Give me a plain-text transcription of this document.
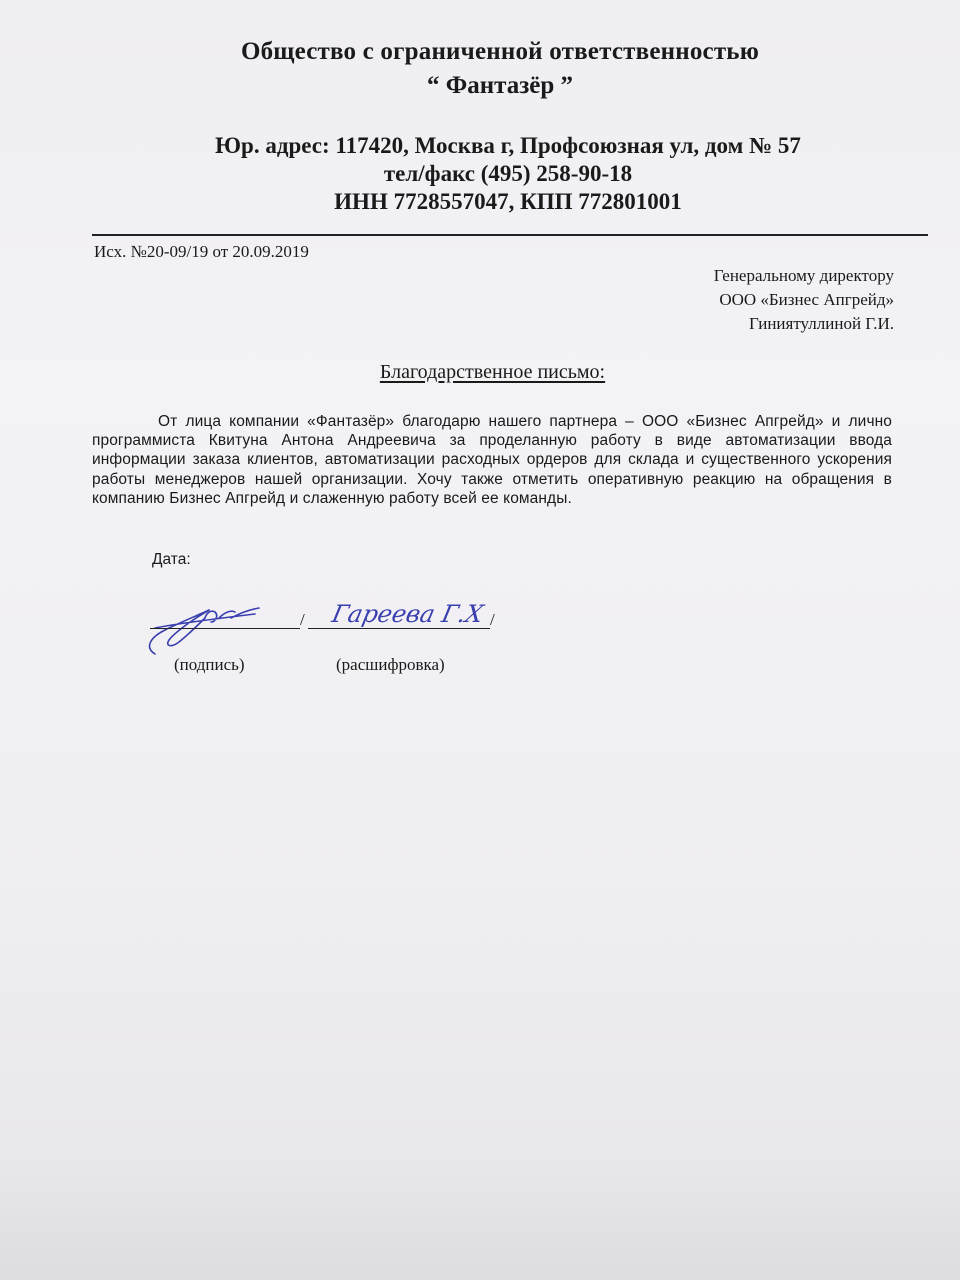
Общество с ограниченной ответственностью
“ Фантазёр ”
Юр. адрес: 117420, Москва г, Профсоюзная ул, дом № 57
тел/факс (495) 258-90-18
ИНН 7728557047, КПП 772801001
Исх. №20-09/19 от 20.09.2019
Генеральному директору
ООО «Бизнес Апгрейд»
Гиниятуллиной Г.И.
Благодарственное письмо:
От лица компании «Фантазёр» благодарю нашего партнера – ООО «Бизнес Апгрейд» и лично программиста Квитуна Антона Андреевича за проделанную работу в виде автоматизации ввода информации заказа клиентов, автоматизации расходных ордеров для склада и существенного ускорения работы менеджеров нашей организации. Хочу также отметить оперативную реакцию на обращения в компанию Бизнес Апгрейд и слаженную работу всей ее команды.
Дата:
Гареева Г.Х
/	/
(подпись)	(расшифровка)
